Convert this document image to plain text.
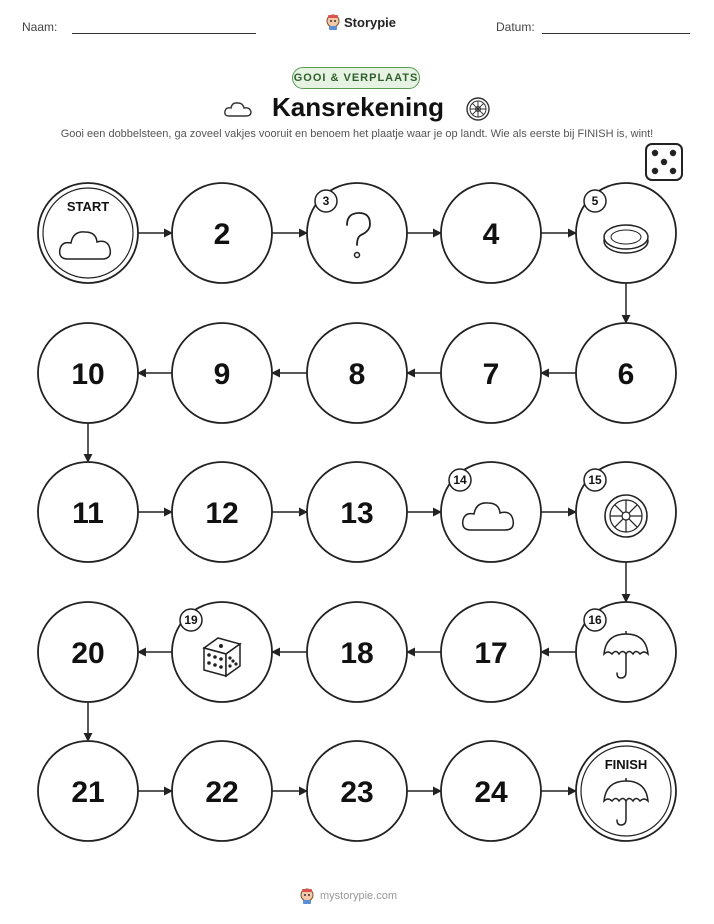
Naam:	Datum:
Storypie
GOOI & VERPLAATS
Kansrekening
Gooi een dobbelsteen, ga zoveel vakjes vooruit en benoem het plaatje waar je op landt. Wie als eerste bij FINISH is, wint!
START
2
3
4
5
6
7
8
9
10
11	12	13
14	15
16
17
18
19
20
21	22	23	24
FINISH
mystorypie.com
